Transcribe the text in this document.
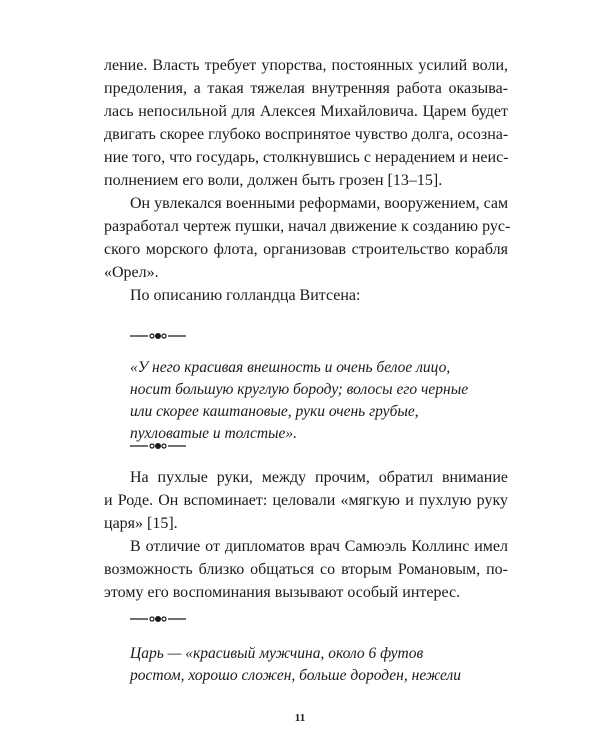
ление. Власть требует упорства, постоянных усилий воли,
предоления, а такая тяжелая внутренняя работа оказыва-
лась непосильной для Алексея Михайловича. Царем будет
двигать скорее глубоко воспринятое чувство долга, осозна-
ние того, что государь, столкнувшись с нерадением и неис-
полнением его воли, должен быть грозен [13–15].

Он увлекался военными реформами, вооружением, сам
разработал чертеж пушки, начал движение к созданию рус-
ского морского флота, организовав строительство корабля
«Орел».

По описанию голландца Витсена:

«У него красивая внешность и очень белое лицо,
носит большую круглую бороду; волосы его черные
или скорее каштановые, руки очень грубые,
пухловатые и толстые».

На пухлые руки, между прочим, обратил внимание
и Роде. Он вспоминает: целовали «мягкую и пухлую руку
царя» [15].

В отличие от дипломатов врач Самюэль Коллинс имел
возможность близко общаться со вторым Романовым, по-
этому его воспоминания вызывают особый интерес.

Царь — «красивый мужчина, около 6 футов
ростом, хорошо сложен, больше дороден, нежели

11
